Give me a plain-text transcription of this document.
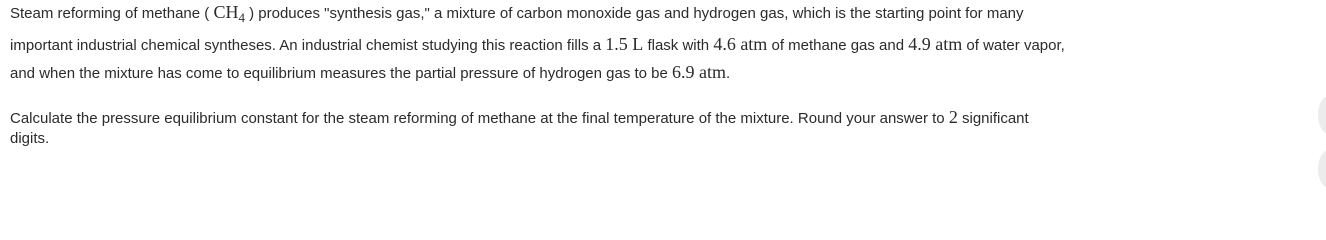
Steam reforming of methane ( $CH_4$ ) produces "synthesis gas," a mixture of carbon monoxide gas and hydrogen gas, which is the starting point for many
important industrial chemical syntheses. An industrial chemist studying this reaction fills a 1.5 L flask with 4.6 atm of methane gas and 4.9 atm of water vapor,
and when the mixture has come to equilibrium measures the partial pressure of hydrogen gas to be 6.9 atm.
Calculate the pressure equilibrium constant for the steam reforming of methane at the final temperature of the mixture. Round your answer to 2 significant
digits.
